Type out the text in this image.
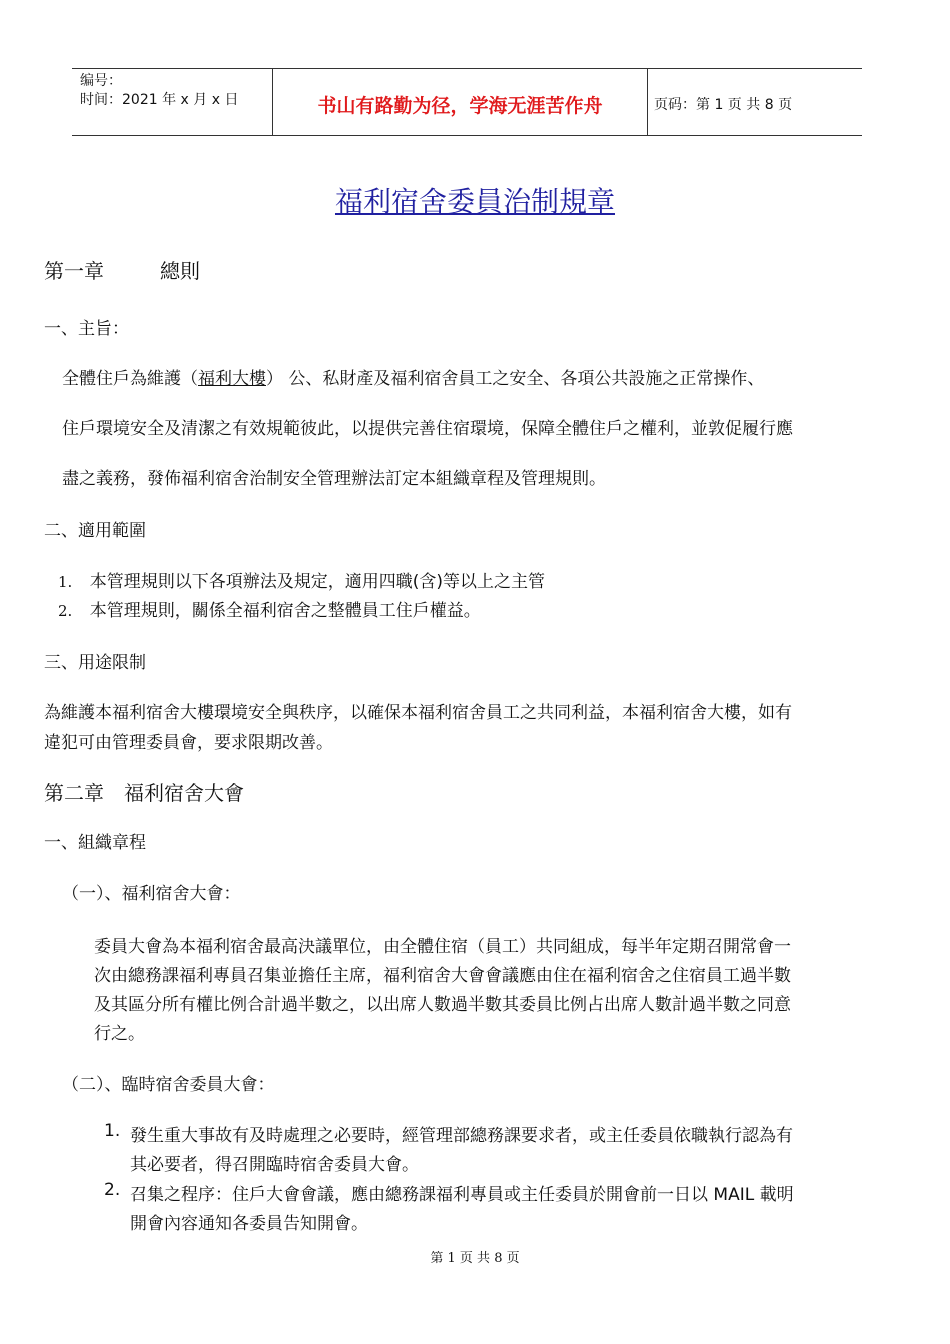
编号：
时间：2021 年 x 月 x 日	书山有路勤为径，学海无涯苦作舟	页码：第 1 页 共 8 页
福利宿舍委員治制規章
第一章	總則
一、主旨：
全體住戶為維護（福利大樓） 公、私財產及福利宿舍員工之安全、各項公共設施之正常操作、
住戶環境安全及清潔之有效規範彼此，以提供完善住宿環境，保障全體住戶之權利，並敦促履行應
盡之義務，發佈福利宿舍治制安全管理辦法訂定本組織章程及管理規則。
二、適用範圍
1. 本管理規則以下各項辦法及規定，適用四職(含)等以上之主管
2. 本管理規則，關係全福利宿舍之整體員工住戶權益。
三、用途限制
為維護本福利宿舍大樓環境安全與秩序，以確保本福利宿舍員工之共同利益，本福利宿舍大樓，如有
違犯可由管理委員會，要求限期改善。
第二章　福利宿舍大會
一、組織章程
（一）、福利宿舍大會：
委員大會為本福利宿舍最高決議單位，由全體住宿（員工）共同組成，每半年定期召開常會一
次由總務課福利專員召集並擔任主席，福利宿舍大會會議應由住在福利宿舍之住宿員工過半數
及其區分所有權比例合計過半數之，以出席人數過半數其委員比例占出席人數計過半數之同意
行之。
（二）、臨時宿舍委員大會：
1. 發生重大事故有及時處理之必要時，經管理部總務課要求者，或主任委員依職執行認為有
其必要者，得召開臨時宿舍委員大會。
2. 召集之程序：住戶大會會議，應由總務課福利專員或主任委員於開會前一日以 MAIL 載明
開會內容通知各委員告知開會。
第 1 页 共 8 页
